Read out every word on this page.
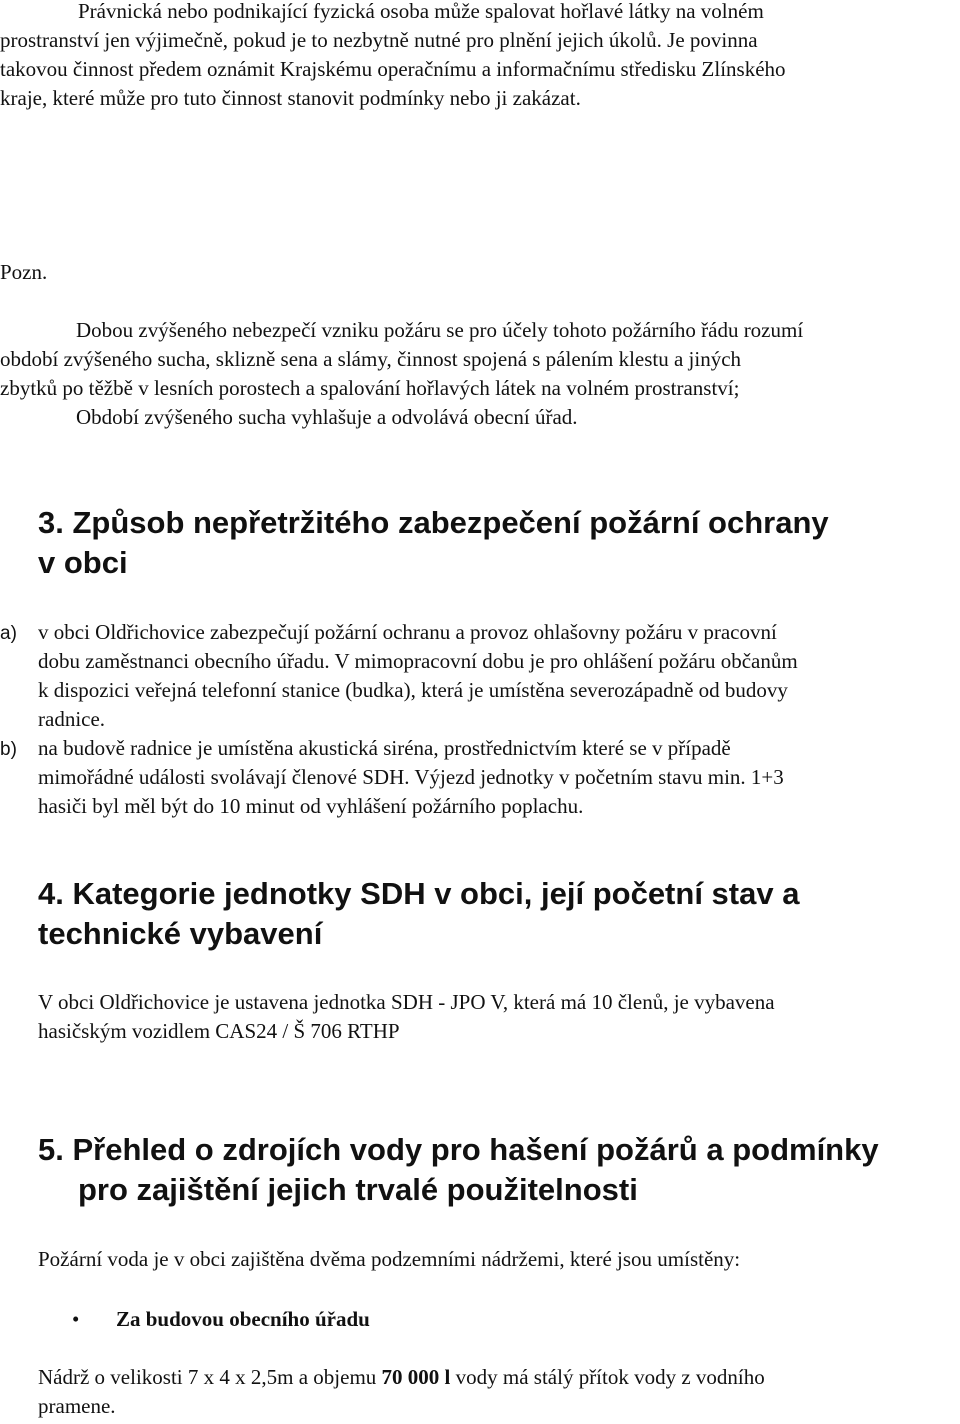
Právnická nebo podnikající fyzická osoba může spalovat hořlavé látky na volném

prostranství jen výjimečně, pokud je to nezbytně nutné pro plnění jejich úkolů. Je povinna

takovou činnost předem oznámit Krajskému operačnímu a informačnímu středisku Zlínského

kraje, které může pro tuto činnost stanovit podmínky nebo ji zakázat.

Pozn.

Dobou zvýšeného nebezpečí vzniku požáru se pro účely tohoto požárního řádu rozumí

období zvýšeného sucha, sklizně sena a slámy, činnost spojená s pálením klestu a jiných

zbytků po těžbě v lesních porostech a spalování hořlavých látek na volném prostranství;

Období zvýšeného sucha vyhlašuje a odvolává obecní úřad.

3. Způsob nepřetržitého zabezpečení požární ochrany

v obci

a) v obci Oldřichovice zabezpečují požární ochranu a provoz ohlašovny požáru v pracovní

dobu zaměstnanci obecního úřadu. V mimopracovní dobu je pro ohlášení požáru občanům

k dispozici veřejná telefonní stanice (budka), která je umístěna severozápadně od budovy

radnice.

b) na budově radnice je umístěna akustická siréna, prostřednictvím které se v případě

mimořádné události svolávají členové SDH. Výjezd jednotky v početním stavu min. 1+3

hasiči byl měl být do 10 minut od vyhlášení požárního poplachu.

4. Kategorie jednotky SDH v obci, její početní stav a

technické vybavení

V obci Oldřichovice je ustavena jednotka SDH - JPO V, která má 10 členů, je vybavena

hasičským vozidlem CAS24 / Š 706 RTHP

5. Přehled o zdrojích vody pro hašení požárů a podmínky

pro zajištění jejich trvalé použitelnosti

Požární voda je v obci zajištěna dvěma podzemními nádržemi, které jsou umístěny:

• Za budovou obecního úřadu

Nádrž o velikosti 7 x 4 x 2,5m a objemu 70 000 l vody má stálý přítok vody z vodního

pramene.
